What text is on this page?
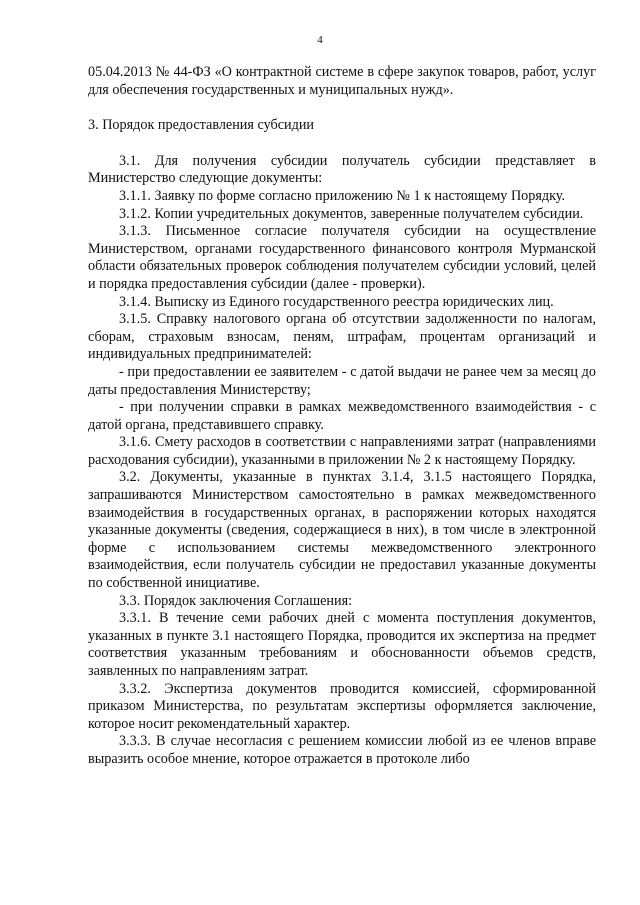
4

05.04.2013 № 44-ФЗ «О контрактной системе в сфере закупок товаров, работ, услуг для обеспечения государственных и муниципальных нужд».

3. Порядок предоставления субсидии

3.1. Для получения субсидии получатель субсидии представляет в Министерство следующие документы:

3.1.1. Заявку по форме согласно приложению № 1 к настоящему Порядку.

3.1.2. Копии учредительных документов, заверенные получателем субсидии.

3.1.3. Письменное согласие получателя субсидии на осуществление Министерством, органами государственного финансового контроля Мурманской области обязательных проверок соблюдения получателем субсидии условий, целей и порядка предоставления субсидии (далее - проверки).

3.1.4. Выписку из Единого государственного реестра юридических лиц.

3.1.5. Справку налогового органа об отсутствии задолженности по налогам, сборам, страховым взносам, пеням, штрафам, процентам организаций и индивидуальных предпринимателей:

- при предоставлении ее заявителем - с датой выдачи не ранее чем за месяц до даты предоставления Министерству;

- при получении справки в рамках межведомственного взаимодействия - с датой органа, представившего справку.

3.1.6. Смету расходов в соответствии с направлениями затрат (направлениями расходования субсидии), указанными в приложении № 2 к настоящему Порядку.

3.2. Документы, указанные в пунктах 3.1.4, 3.1.5 настоящего Порядка, запрашиваются Министерством самостоятельно в рамках межведомственного взаимодействия в государственных органах, в распоряжении которых находятся указанные документы (сведения, содержащиеся в них), в том числе в электронной форме с использованием системы межведомственного электронного взаимодействия, если получатель субсидии не предоставил указанные документы по собственной инициативе.

3.3. Порядок заключения Соглашения:

3.3.1. В течение семи рабочих дней с момента поступления документов, указанных в пункте 3.1 настоящего Порядка, проводится их экспертиза на предмет соответствия указанным требованиям и обоснованности объемов средств, заявленных по направлениям затрат.

3.3.2. Экспертиза документов проводится комиссией, сформированной приказом Министерства, по результатам экспертизы оформляется заключение, которое носит рекомендательный характер.

3.3.3. В случае несогласия с решением комиссии любой из ее членов вправе выразить особое мнение, которое отражается в протоколе либо
